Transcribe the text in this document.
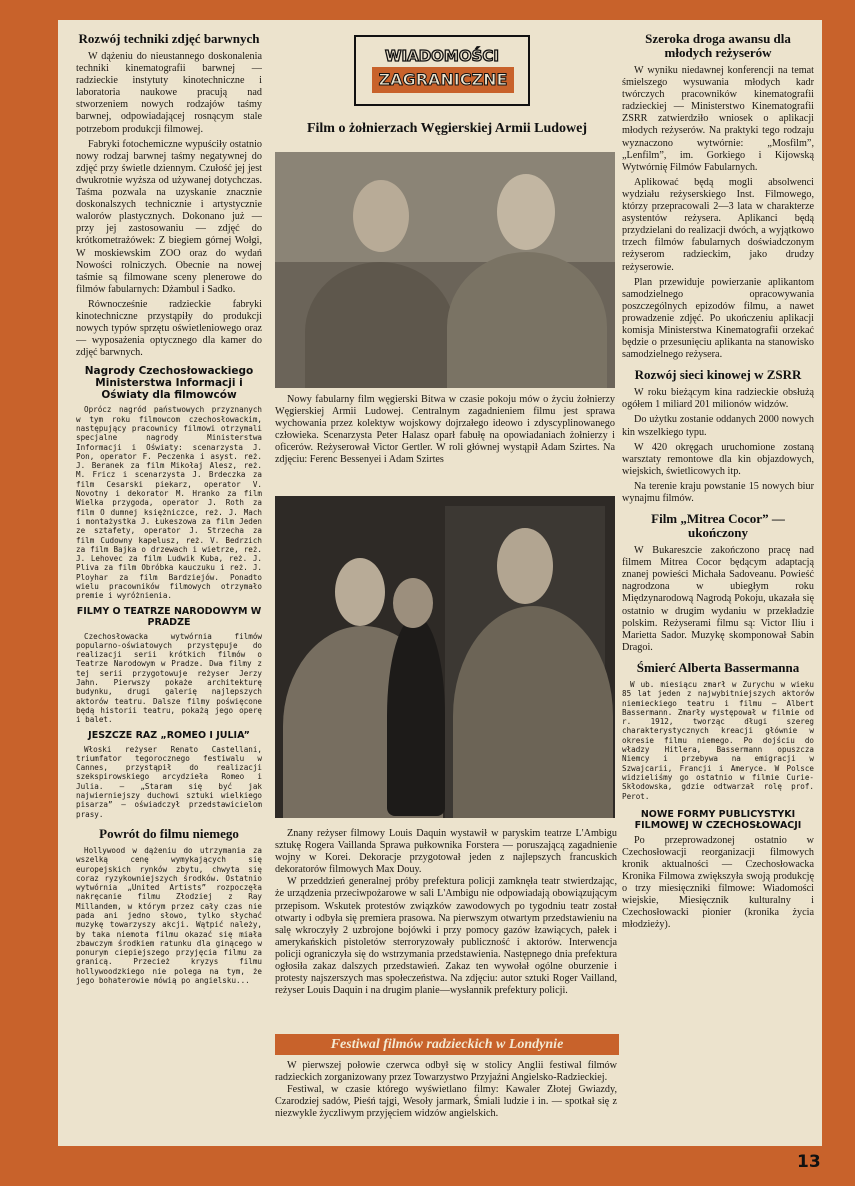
Rozwój techniki zdjęć barwnych

W dążeniu do nieustannego doskonalenia techniki kinematografii barwnej — radzieckie instytuty kinotechniczne i laboratoria naukowe pracują nad stworzeniem nowych rodzajów taśmy barwnej, odpowiadającej rosnącym stale potrzebom produkcji filmowej.

Fabryki fotochemiczne wypuściły ostatnio nowy rodzaj barwnej taśmy negatywnej do zdjęć przy świetle dziennym. Czułość jej jest dwukrotnie wyższa od używanej dotychczas. Taśma pozwala na uzyskanie znacznie doskonalszych technicznie i artystycznie walorów plastycznych. Dokonano już — przy jej zastosowaniu — zdjęć do krótkometrażówek: Z biegiem górnej Wołgi, W moskiewskim ZOO oraz do wydań Nowości rolniczych. Obecnie na nowej taśmie są filmowane sceny plenerowe do filmów fabularnych: Dżambul i Sadko.

Równocześnie radzieckie fabryki kinotechniczne przystąpiły do produkcji nowych typów sprzętu oświetleniowego oraz — wyposażenia optycznego dla kamer do zdjęć barwnych.

Nagrody Czechosłowackiego Ministerstwa Informacji i Oświaty dla filmowców

Oprócz nagród państwowych przyznanych w tym roku filmowcom czechosłowackim, następujący pracownicy filmowi otrzymali specjalne nagrody Ministerstwa Informacji i Oświaty: scenarzysta J. Pon, operator F. Peczenka i asyst. reż. J. Beranek za film Mikołaj Alesz, reż. M. Fricz i scenarzysta J. Brdeczka za film Cesarski piekarz, operator V. Novotny i dekorator M. Hranko za film Wielka przygoda, operator J. Roth za film O dumnej księżniczce, reż. J. Mach i montażystka J. Łukeszowa za film Jeden ze sztafety, operator J. Strzecha za film Cudowny kapelusz, reż. V. Bedrzich za film Bajka o drzewach i wietrze, reż. J. Lehovec za film Ludwik Kuba, reż. J. Pliva za film Obróbka kauczuku i reż. J. Ployhar za film Bardziejów. Ponadto wielu pracowników filmowych otrzymało premie i wyróżnienia.

FILMY O TEATRZE NARODOWYM W PRADZE

Czechosłowacka wytwórnia filmów popularno-oświatowych przystępuje do realizacji serii krótkich filmów o Teatrze Narodowym w Pradze. Dwa filmy z tej serii przygotowuje reżyser Jerzy Jahn. Pierwszy pokaże architekturę budynku, drugi galerię najlepszych aktorów teatru. Dalsze filmy poświęcone będą historii teatru, pokażą jego operę i balet.

JESZCZE RAZ „ROMEO I JULIA”

Włoski reżyser Renato Castellani, triumfator tegorocznego festiwalu w Cannes, przystąpił do realizacji szekspirowskiego arcydzieła Romeo i Julia. — „Staram się być jak najwierniejszy duchowi sztuki wielkiego pisarza” — oświadczył przedstawicielom prasy.

Powrót do filmu niemego

Hollywood w dążeniu do utrzymania za wszelką cenę wymykających się europejskich rynków zbytu, chwyta się coraz ryzykowniejszych środków. Ostatnio wytwórnia „United Artists” rozpoczęła nakręcanie filmu Złodziej z Ray Millandem, w którym przez cały czas nie pada ani jedno słowo, tylko słychać muzykę towarzyszy akcji. Wątpić należy, by taka niemota filmu okazać się miała zbawczym środkiem ratunku dla ginącego w ponurym ciepiejszego przyjęcia filmu za granicą. Przecież kryzys filmu hollywoodzkiego nie polega na tym, że jego bohaterowie mówią po angielsku...

WIADOMOŚCI
ZAGRANICZNE
Film o żołnierzach Węgierskiej Armii Ludowej

Nowy fabularny film węgierski Bitwa w czasie pokoju mów o życiu żołnierzy Węgierskiej Armii Ludowej. Centralnym zagadnieniem filmu jest sprawa wychowania przez kolektyw wojskowy dojrzałego ideowo i zdyscyplinowanego człowieka. Scenarzysta Peter Halasz oparł fabułę na opowiadaniach żołnierzy i oficerów. Reżyserował Victor Gertler. W roli głównej wystąpił Adam Szirtes. Na zdjęciu: Ferenc Bessenyei i Adam Szirtes

Znany reżyser filmowy Louis Daquin wystawił w paryskim teatrze L'Ambigu sztukę Rogera Vaillanda Sprawa pułkownika Forstera — poruszającą zagadnienie wojny w Korei. Dekoracje przygotował jeden z najlepszych francuskich dekoratorów filmowych Max Douy.

W przeddzień generalnej próby prefektura policji zamknęła teatr stwierdzając, że urządzenia przeciwpożarowe w sali L'Ambigu nie odpowiadają obowiązującym przepisom. Wskutek protestów związków zawodowych po tygodniu teatr został otwarty i odbyła się premiera prasowa. Na pierwszym otwartym przedstawieniu na salę wkroczyły 2 uzbrojone bojówki i przy pomocy gazów łzawiących, pałek i amerykańskich pistoletów sterroryzowały publiczność i aktorów. Interwencja policji ograniczyła się do wstrzymania przedstawienia. Następnego dnia prefektura ogłosiła zakaz dalszych przedstawień. Zakaz ten wywołał ogólne oburzenie i protesty najszerszych mas społeczeństwa. Na zdjęciu: autor sztuki Roger Vailland, reżyser Louis Daquin i na drugim planie—wysłannik prefektury policji.

Festiwal filmów radzieckich w Londynie

W pierwszej połowie czerwca odbył się w stolicy Anglii festiwal filmów radzieckich zorganizowany przez Towarzystwo Przyjaźni Angielsko-Radzieckiej.

Festiwal, w czasie którego wyświetlano filmy: Kawaler Złotej Gwiazdy, Czarodziej sadów, Pieśń tajgi, Wesoły jarmark, Śmiali ludzie i in. — spotkał się z niezwykle życzliwym przyjęciem widzów angielskich.

Szeroka droga awansu dla młodych reżyserów

W wyniku niedawnej konferencji na temat śmielszego wysuwania młodych kadr twórczych pracowników kinematografii radzieckiej — Ministerstwo Kinematografii ZSRR zatwierdziło wniosek o aplikacji młodych reżyserów. Na praktyki tego rodzaju wyznaczono wytwórnie: „Mosfilm”, „Lenfilm”, im. Gorkiego i Kijowską Wytwórnię Filmów Fabularnych.

Aplikować będą mogli absolwenci wydziału reżyserskiego Inst. Filmowego, którzy przepracowali 2—3 lata w charakterze asystentów reżysera. Aplikanci będą przydzielani do realizacji dwóch, a wyjątkowo trzech filmów fabularnych doświadczonym reżyserom radzieckim, jako drudzy reżyserowie.

Plan przewiduje powierzanie aplikantom samodzielnego opracowywania poszczególnych epizodów filmu, a nawet prowadzenie zdjęć. Po ukończeniu aplikacji komisja Ministerstwa Kinematografii orzekać będzie o przesunięciu aplikanta na stanowisko samodzielnego reżysera.

Rozwój sieci kinowej w ZSRR

W roku bieżącym kina radzieckie obsłużą ogółem 1 miliard 201 milionów widzów.

Do użytku zostanie oddanych 2000 nowych kin wszelkiego typu.

W 420 okręgach uruchomione zostaną warsztaty remontowe dla kin objazdowych, wiejskich, świetlicowych itp.

Na terenie kraju powstanie 15 nowych biur wynajmu filmów.

Film „Mitrea Cocor” — ukończony

W Bukareszcie zakończono pracę nad filmem Mitrea Cocor będącym adaptacją znanej powieści Michała Sadoveanu. Powieść nagrodzona w ubiegłym roku Międzynarodową Nagrodą Pokoju, ukazała się ostatnio w drugim wydaniu w przekładzie polskim. Reżyserami filmu są: Victor Iliu i Marietta Sador. Muzykę skomponował Sabin Dragoi.

Śmierć Alberta Bassermanna

W ub. miesiącu zmarł w Zurychu w wieku 85 lat jeden z najwybitniejszych aktorów niemieckiego teatru i filmu — Albert Bassermann. Zmarły występował w filmie od r. 1912, tworząc długi szereg charakterystycznych kreacji głównie w okresie filmu niemego. Po dojściu do władzy Hitlera, Bassermann opuszcza Niemcy i przebywa na emigracji w Szwajcarii, Francji i Ameryce. W Polsce widzieliśmy go ostatnio w filmie Curie-Skłodowska, gdzie odtwarzał rolę prof. Perot.

NOWE FORMY PUBLICYSTYKI FILMOWEJ W CZECHOSŁOWACJI

Po przeprowadzonej ostatnio w Czechosłowacji reorganizacji filmowych kronik aktualności — Czechosłowacka Kronika Filmowa zwiększyła swoją produkcję o trzy miesięczniki filmowe: Wiadomości wiejskie, Miesięcznik kulturalny i Czechosłowacki pionier (kronika życia młodzieży).

13
